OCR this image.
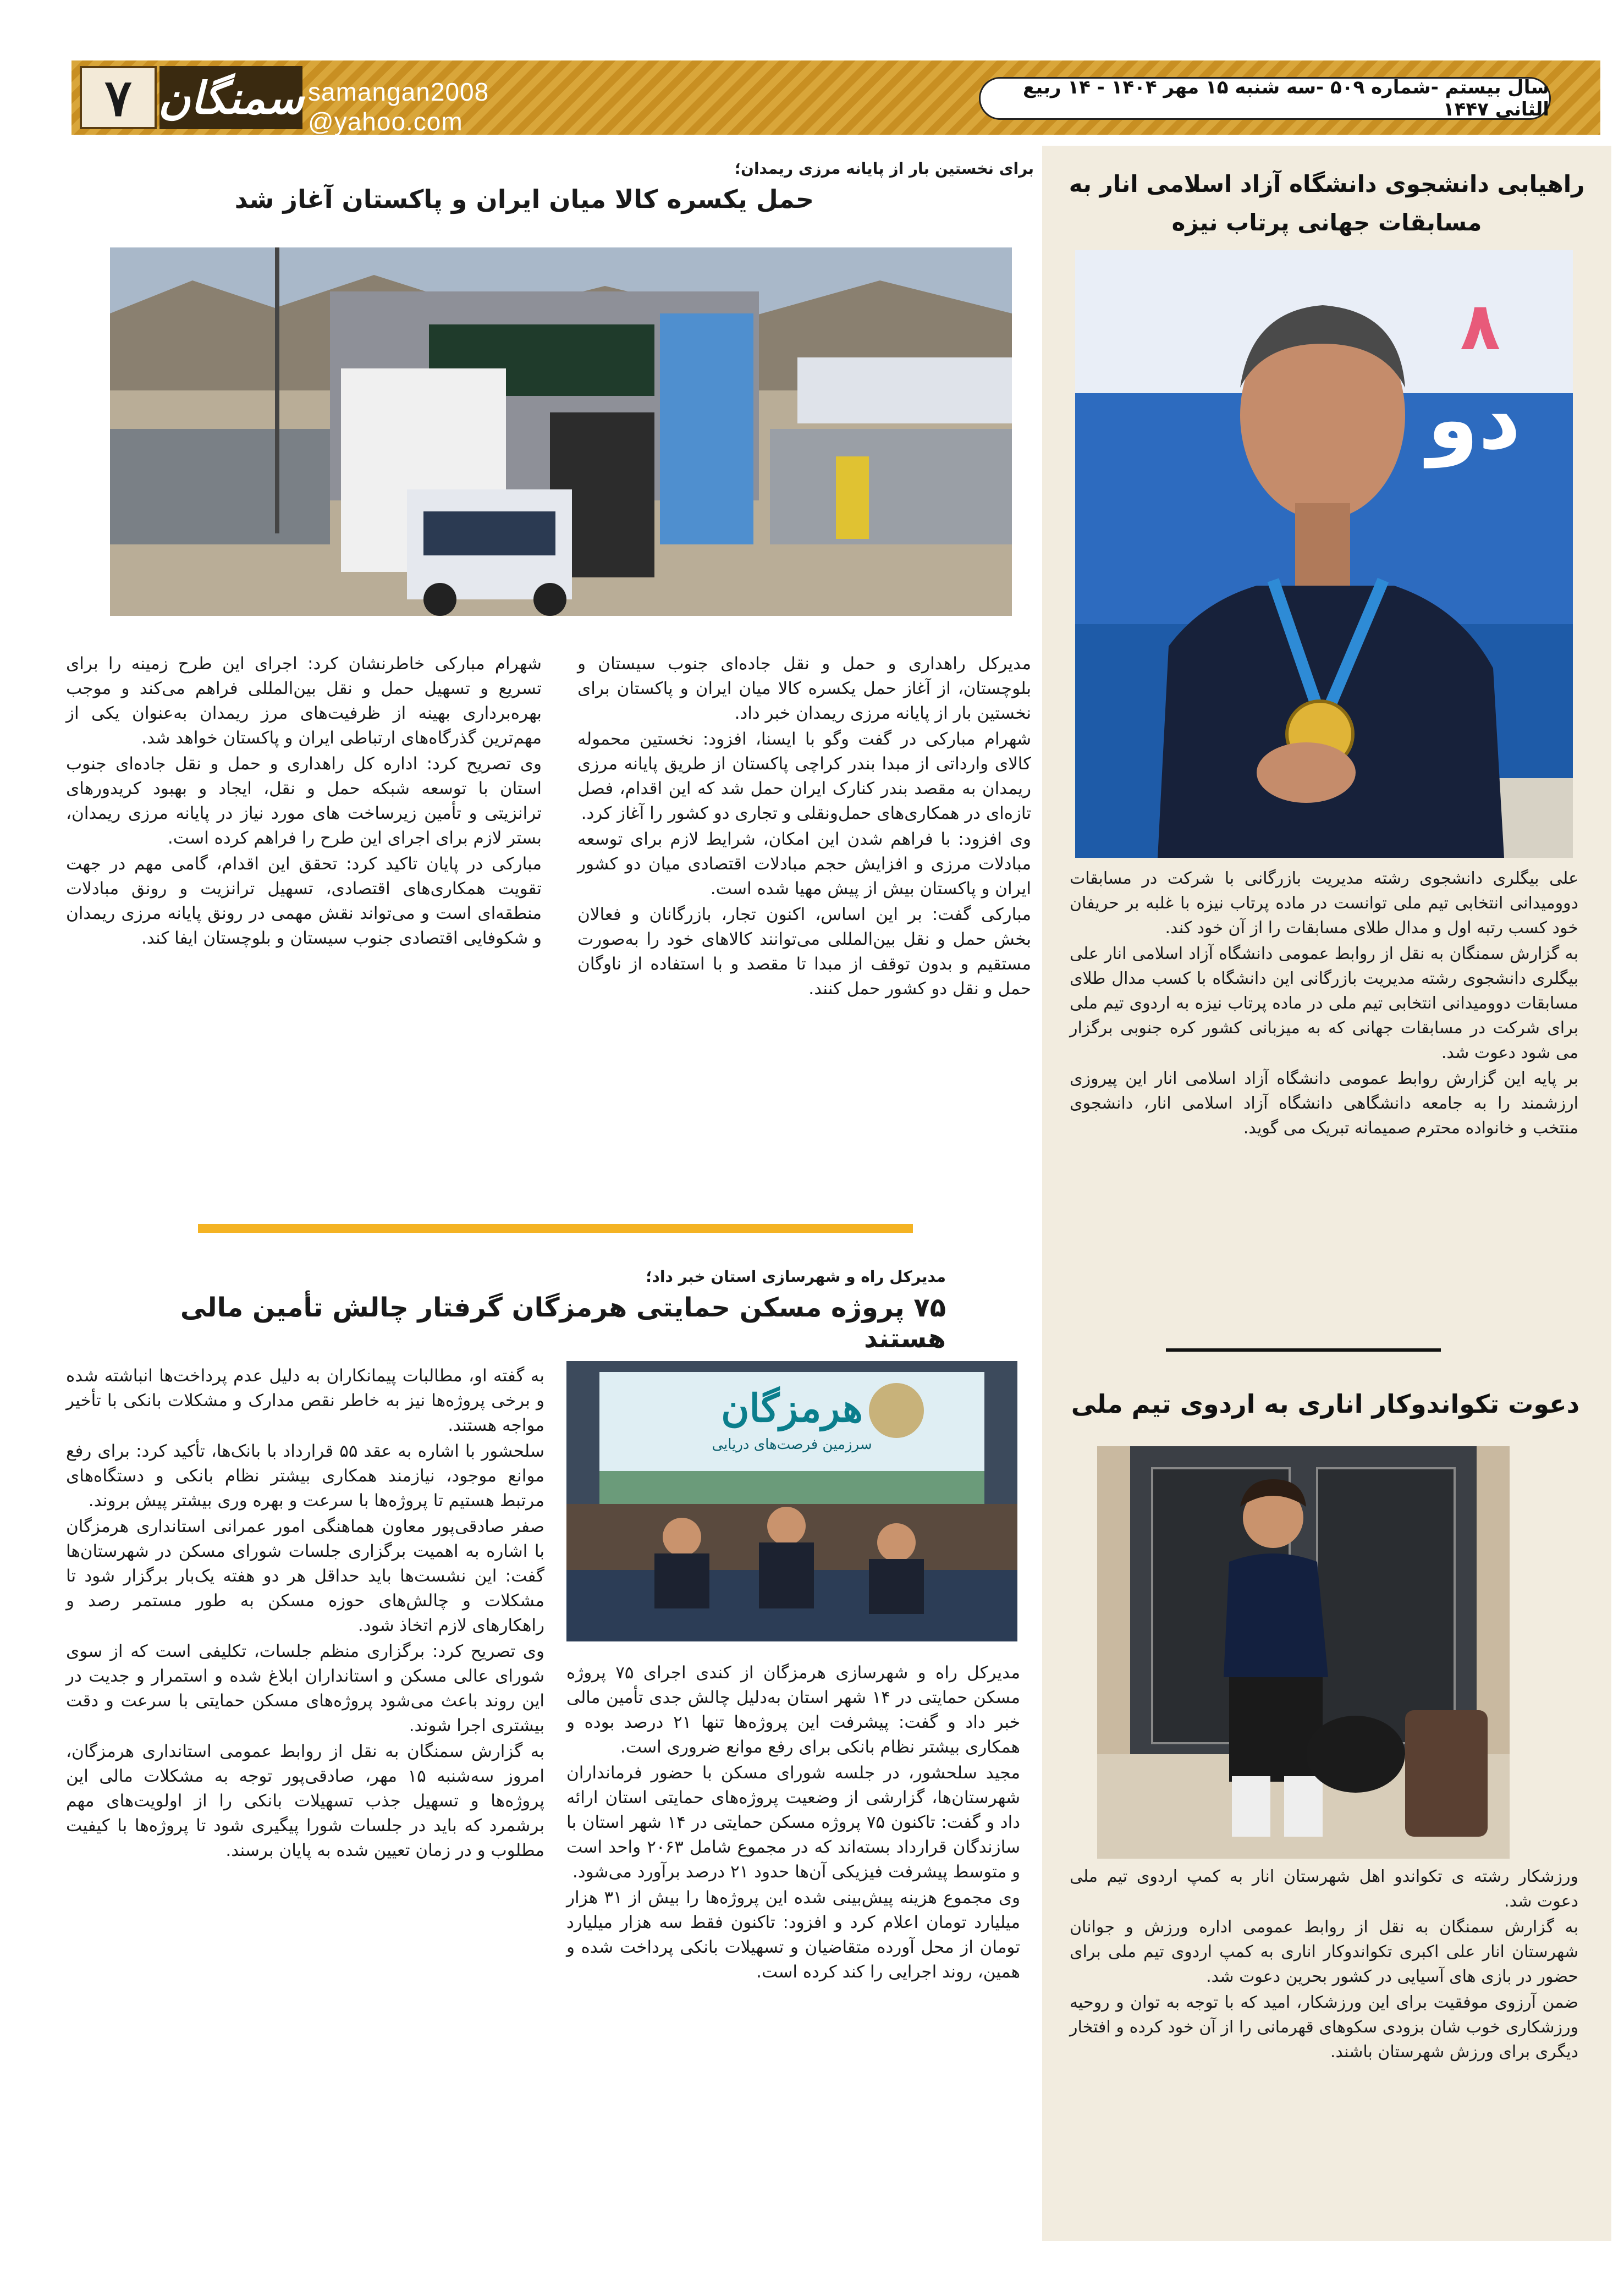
۷ سمنگان samangan2008 @yahoo.com
سال بیستم -شماره ۵۰۹ -سه شنبه ۱۵ مهر ۱۴۰۴ - ۱۴ ربیع الثانی ۱۴۴۷
راهیابی دانشجوی دانشگاه آزاد اسلامی انار به مسابقات جهانی پرتاب نیزه
٨
دو

علی بیگلری دانشجوی رشته مدیریت بازرگانی با شرکت در مسابقات دوومیدانی انتخابی تیم ملی توانست در ماده پرتاب نیزه با غلبه بر حریفان خود کسب رتبه اول و مدال طلای مسابقات را از آن خود کند.

به گزارش سمنگان به نقل از روابط عمومی دانشگاه آزاد اسلامی انار علی بیگلری دانشجوی رشته مدیریت بازرگانی این دانشگاه با کسب مدال طلای مسابقات دوومیدانی انتخابی تیم ملی در ماده پرتاب نیزه به اردوی تیم ملی برای شرکت در مسابقات جهانی که به میزبانی کشور کره جنوبی برگزار می شود دعوت شد.

بر پایه این گزارش روابط عمومی دانشگاه آزاد اسلامی انار این پیروزی ارزشمند را به جامعه دانشگاهی دانشگاه آزاد اسلامی انار، دانشجوی منتخب و خانواده محترم صمیمانه تبریک می گوید.

دعوت تکواندوکار اناری به اردوی تیم ملی

ورزشکار رشته ی تکواندو اهل شهرستان انار به کمپ اردوی تیم ملی دعوت شد.

به گزارش سمنگان به نقل از روابط عمومی اداره ورزش و جوانان شهرستان انار علی اکبری تکواندوکار اناری به کمپ اردوی تیم ملی برای حضور در بازی های آسیایی در کشور بحرین دعوت شد.

ضمن آرزوی موفقیت برای این ورزشکار، امید که با توجه به توان و روحیه ورزشکاری خوب شان بزودی سکوهای قهرمانی را از آن خود کرده و افتخار دیگری برای ورزش شهرستان باشند.

برای نخستین بار از پایانه مرزی ریمدان؛
حمل یکسره کالا میان ایران و پاکستان آغاز شد

مدیرکل راهداری و حمل و نقل جاده‌ای جنوب سیستان و بلوچستان، از آغاز حمل یکسره کالا میان ایران و پاکستان برای نخستین بار از پایانه مرزی ریمدان خبر داد.

شهرام مبارکی در گفت وگو با ایسنا، افزود: نخستین محموله کالای وارداتی از مبدا بندر کراچی پاکستان از طریق پایانه مرزی ریمدان به مقصد بندر کنارک ایران حمل شد که این اقدام، فصل تازه‌ای در همکاری‌های حمل‌ونقلی و تجاری دو کشور را آغاز کرد.

وی افزود: با فراهم شدن این امکان، شرایط لازم برای توسعه مبادلات مرزی و افزایش حجم مبادلات اقتصادی میان دو کشور ایران و پاکستان بیش از پیش مهیا شده است.

مبارکی گفت: بر این اساس، اکنون تجار، بازرگانان و فعالان بخش حمل و نقل بین‌المللی می‌توانند کالاهای خود را به‌صورت مستقیم و بدون توقف از مبدا تا مقصد و با استفاده از ناوگان حمل و نقل دو کشور حمل کنند.

شهرام مبارکی خاطرنشان کرد: اجرای این طرح زمینه را برای تسریع و تسهیل حمل و نقل بین‌المللی فراهم می‌کند و موجب بهره‌برداری بهینه از ظرفیت‌های مرز ریمدان به‌عنوان یکی از مهم‌ترین گذرگاه‌های ارتباطی ایران و پاکستان خواهد شد.

وی تصریح کرد: اداره کل راهداری و حمل و نقل جاده‌ای جنوب استان با توسعه شبکه حمل و نقل، ایجاد و بهبود کریدورهای ترانزیتی و تأمین زیرساخت های مورد نیاز در پایانه مرزی ریمدان، بستر لازم برای اجرای این طرح را فراهم کرده است.

مبارکی در پایان تاکید کرد: تحقق این اقدام، گامی مهم در جهت تقویت همکاری‌های اقتصادی، تسهیل ترانزیت و رونق مبادلات منطقه‌ای است و می‌تواند نقش مهمی در رونق پایانه مرزی ریمدان و شکوفایی اقتصادی جنوب سیستان و بلوچستان ایفا کند.

مدیرکل راه و شهرسازی استان خبر داد؛
۷۵ پروژه مسکن حمایتی هرمزگان گرفتار چالش تأمین مالی هستند
هرمزگان
سرزمین فرصت‌های دریایی

مدیرکل راه و شهرسازی هرمزگان از کندی اجرای ۷۵ پروژه مسکن حمایتی در ۱۴ شهر استان به‌دلیل چالش جدی تأمین مالی خبر داد و گفت: پیشرفت این پروژه‌ها تنها ۲۱ درصد بوده و همکاری بیشتر نظام بانکی برای رفع موانع ضروری است.

مجید سلحشور، در جلسه شورای مسکن با حضور فرمانداران شهرستان‌ها، گزارشی از وضعیت پروژه‌های حمایتی استان ارائه داد و گفت: تاکنون ۷۵ پروژه مسکن حمایتی در ۱۴ شهر استان با سازندگان قرارداد بسته‌اند که در مجموع شامل ۲۰۶۳ واحد است و متوسط پیشرفت فیزیکی آن‌ها حدود ۲۱ درصد برآورد می‌شود.

وی مجموع هزینه پیش‌بینی شده این پروژه‌ها را بیش از ۳۱ هزار میلیارد تومان اعلام کرد و افزود: تاکنون فقط سه هزار میلیارد تومان از محل آورده متقاضیان و تسهیلات بانکی پرداخت شده و همین، روند اجرایی را کند کرده است.

به گفته او، مطالبات پیمانکاران به دلیل عدم پرداخت‌ها انباشته شده و برخی پروژه‌ها نیز به خاطر نقص مدارک و مشکلات بانکی با تأخیر مواجه هستند.

سلحشور با اشاره به عقد ۵۵ قرارداد با بانک‌ها، تأکید کرد: برای رفع موانع موجود، نیازمند همکاری بیشتر نظام بانکی و دستگاه‌های مرتبط هستیم تا پروژه‌ها با سرعت و بهره وری بیشتر پیش بروند.

صفر صادقی‌پور معاون هماهنگی امور عمرانی استانداری هرمزگان با اشاره به اهمیت برگزاری جلسات شورای مسکن در شهرستان‌ها گفت: این نشست‌ها باید حداقل هر دو هفته یک‌بار برگزار شود تا مشکلات و چالش‌های حوزه مسکن به طور مستمر رصد و راهکارهای لازم اتخاذ شود.

وی تصریح کرد: برگزاری منظم جلسات، تکلیفی است که از سوی شورای عالی مسکن و استانداران ابلاغ شده و استمرار و جدیت در این روند باعث می‌شود پروژه‌های مسکن حمایتی با سرعت و دقت بیشتری اجرا شوند.

به گزارش سمنگان به نقل از روابط عمومی استانداری هرمزگان، امروز سه‌شنبه ۱۵ مهر، صادقی‌پور توجه به مشکلات مالی این پروژه‌ها و تسهیل جذب تسهیلات بانکی را از اولویت‌های مهم برشمرد که باید در جلسات شورا پیگیری شود تا پروژه‌ها با کیفیت مطلوب و در زمان تعیین شده به پایان برسند.
